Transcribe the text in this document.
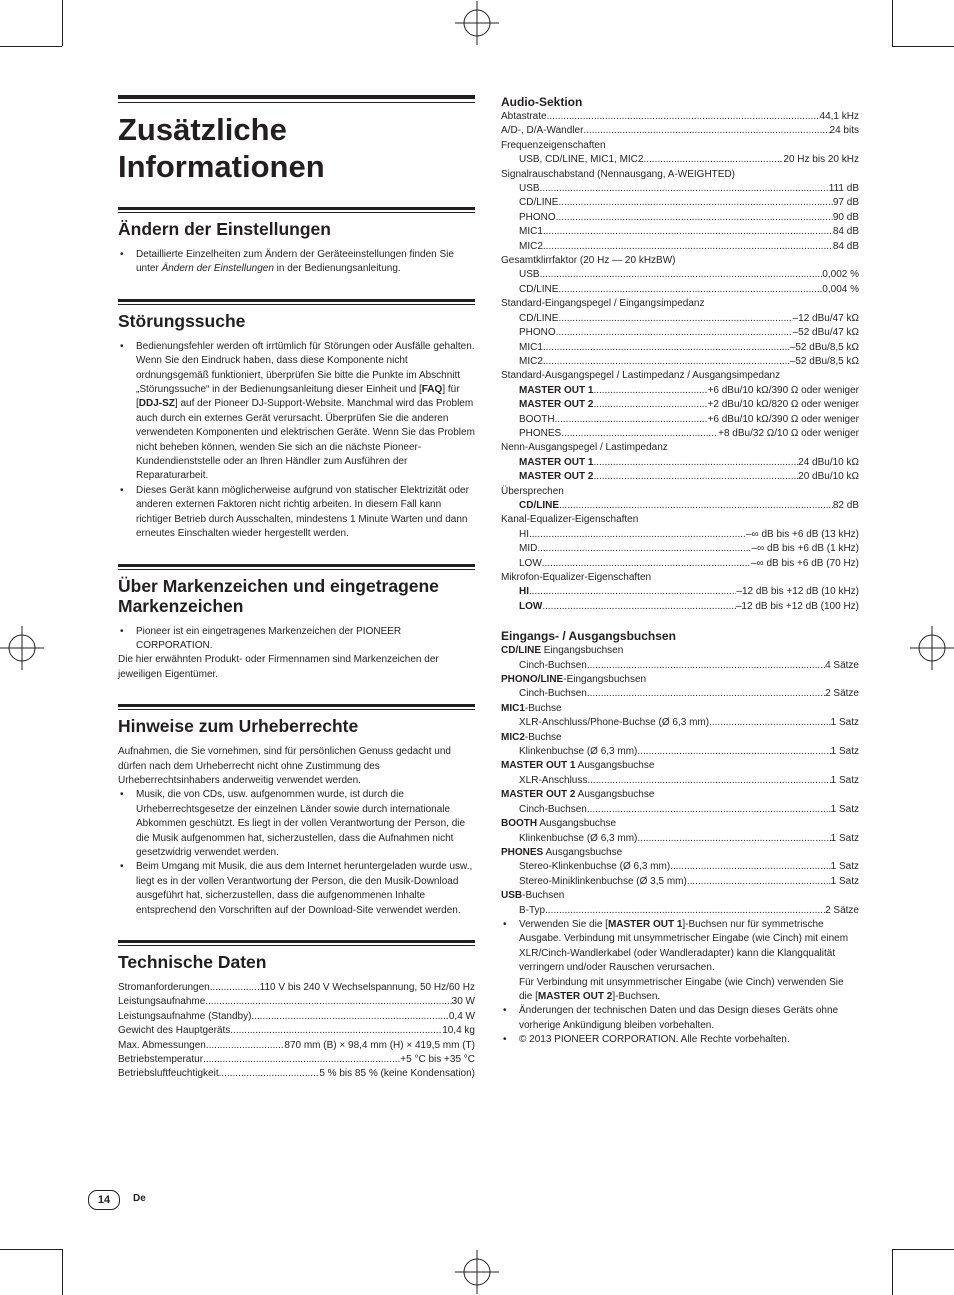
Zusätzliche Informationen
Ändern der Einstellungen
• Detaillierte Einzelheiten zum Ändern der Geräteeinstellungen finden Sie unter Ändern der Einstellungen in der Bedienungsanleitung.
Störungssuche
• Bedienungsfehler werden oft irrtümlich für Störungen oder Ausfälle gehalten. Wenn Sie den Eindruck haben, dass diese Komponente nicht ordnungsgemäß funktioniert, überprüfen Sie bitte die Punkte im Abschnitt „Störungssuche“ in der Bedienungsanleitung dieser Einheit und [FAQ] für [DDJ-SZ] auf der Pioneer DJ-Support-Website. Manchmal wird das Problem auch durch ein externes Gerät verursacht. Überprüfen Sie die anderen verwendeten Komponenten und elektrischen Geräte. Wenn Sie das Problem nicht beheben können, wenden Sie sich an die nächste Pioneer-Kundendienststelle oder an Ihren Händler zum Ausführen der Reparaturarbeit.
• Dieses Gerät kann möglicherweise aufgrund von statischer Elektrizität oder anderen externen Faktoren nicht richtig arbeiten. In diesem Fall kann richtiger Betrieb durch Ausschalten, mindestens 1 Minute Warten und dann erneutes Einschalten wieder hergestellt werden.
Über Markenzeichen und eingetragene Markenzeichen
• Pioneer ist ein eingetragenes Markenzeichen der PIONEER CORPORATION.

Die hier erwähnten Produkt- oder Firmennamen sind Markenzeichen der jeweiligen Eigentümer.

Hinweise zum Urheberrechte

Aufnahmen, die Sie vornehmen, sind für persönlichen Genuss gedacht und dürfen nach dem Urheberrecht nicht ohne Zustimmung des Urheberrechtsinhabers anderweitig verwendet werden.

• Musik, die von CDs, usw. aufgenommen wurde, ist durch die Urheberrechtsgesetze der einzelnen Länder sowie durch internationale Abkommen geschützt. Es liegt in der vollen Verantwortung der Person, die die Musik aufgenommen hat, sicherzustellen, dass die Aufnahmen nicht gesetzwidrig verwendet werden.
• Beim Umgang mit Musik, die aus dem Internet heruntergeladen wurde usw., liegt es in der vollen Verantwortung der Person, die den Musik-Download ausgeführt hat, sicherzustellen, dass die aufgenommenen Inhalte entsprechend den Vorschriften auf der Download-Site verwendet werden.
Technische Daten
Stromanforderungen .....	110 V bis 240 V Wechselspannung, 50 Hz/60 Hz
Leistungsaufnahme .....	30 W
Leistungsaufnahme (Standby) .....	0,4 W
Gewicht des Hauptgeräts .....	10,4 kg
Max. Abmessungen .....	870 mm (B) × 98,4 mm (H) × 419,5 mm (T)
Betriebstemperatur .....	+5 °C bis +35 °C
Betriebsluftfeuchtigkeit .....	5 % bis 85 % (keine Kondensation)
Audio-Sektion
Abtastrate .....	44,1 kHz
A/D-, D/A-Wandler .....	24 bits
Frequenzeigenschaften
USB, CD/LINE, MIC1, MIC2 .....	20 Hz bis 20 kHz
Signalrauschabstand (Nennausgang, A-WEIGHTED)
USB .....	111 dB
CD/LINE .....	97 dB
PHONO .....	90 dB
MIC1 .....	84 dB
MIC2 .....	84 dB
Gesamtklirrfaktor (20 Hz — 20 kHzBW)
USB .....	0,002 %
CD/LINE .....	0,004 %
Standard-Eingangspegel / Eingangsimpedanz
CD/LINE .....	–12 dBu/47 kΩ
PHONO .....	–52 dBu/47 kΩ
MIC1 .....	–52 dBu/8,5 kΩ
MIC2 .....	–52 dBu/8,5 kΩ
Standard-Ausgangspegel / Lastimpedanz / Ausgangsimpedanz
MASTER OUT 1 .....	+6 dBu/10 kΩ/390 Ω oder weniger
MASTER OUT 2 .....	+2 dBu/10 kΩ/820 Ω oder weniger
BOOTH .....	+6 dBu/10 kΩ/390 Ω oder weniger
PHONES .....	+8 dBu/32 Ω/10 Ω oder weniger
Nenn-Ausgangspegel / Lastimpedanz
MASTER OUT 1 .....	24 dBu/10 kΩ
MASTER OUT 2 .....	20 dBu/10 kΩ
Übersprechen
CD/LINE .....	82 dB
Kanal-Equalizer-Eigenschaften
HI .....	–∞ dB bis +6 dB (13 kHz)
MID .....	–∞ dB bis +6 dB (1 kHz)
LOW .....	–∞ dB bis +6 dB (70 Hz)
Mikrofon-Equalizer-Eigenschaften
HI .....	–12 dB bis +12 dB (10 kHz)
LOW .....	–12 dB bis +12 dB (100 Hz)
Eingangs- / Ausgangsbuchsen
CD/LINE Eingangsbuchsen
Cinch-Buchsen .....	4 Sätze
PHONO/LINE-Eingangsbuchsen
Cinch-Buchsen .....	2 Sätze
MIC1-Buchse
XLR-Anschluss/Phone-Buchse (Ø 6,3 mm) .....	1 Satz
MIC2-Buchse
Klinkenbuchse (Ø 6,3 mm) .....	1 Satz
MASTER OUT 1 Ausgangsbuchse
XLR-Anschluss .....	1 Satz
MASTER OUT 2 Ausgangsbuchse
Cinch-Buchsen .....	1 Satz
BOOTH Ausgangsbuchse
Klinkenbuchse (Ø 6,3 mm) .....	1 Satz
PHONES Ausgangsbuchse
Stereo-Klinkenbuchse (Ø 6,3 mm) .....	1 Satz
Stereo-Miniklinkenbuchse (Ø 3,5 mm) .....	1 Satz
USB-Buchsen
B-Typ .....	2 Sätze
• Verwenden Sie die [MASTER OUT 1]-Buchsen nur für symmetrische Ausgabe. Verbindung mit unsymmetrischer Eingabe (wie Cinch) mit einem XLR/Cinch-Wandlerkabel (oder Wandleradapter) kann die Klangqualität verringern und/oder Rauschen verursachen.
Für Verbindung mit unsymmetrischer Eingabe (wie Cinch) verwenden Sie die [MASTER OUT 2]-Buchsen.
• Änderungen der technischen Daten und das Design dieses Geräts ohne vorherige Ankündigung bleiben vorbehalten.
• © 2013 PIONEER CORPORATION. Alle Rechte vorbehalten.
14	De
